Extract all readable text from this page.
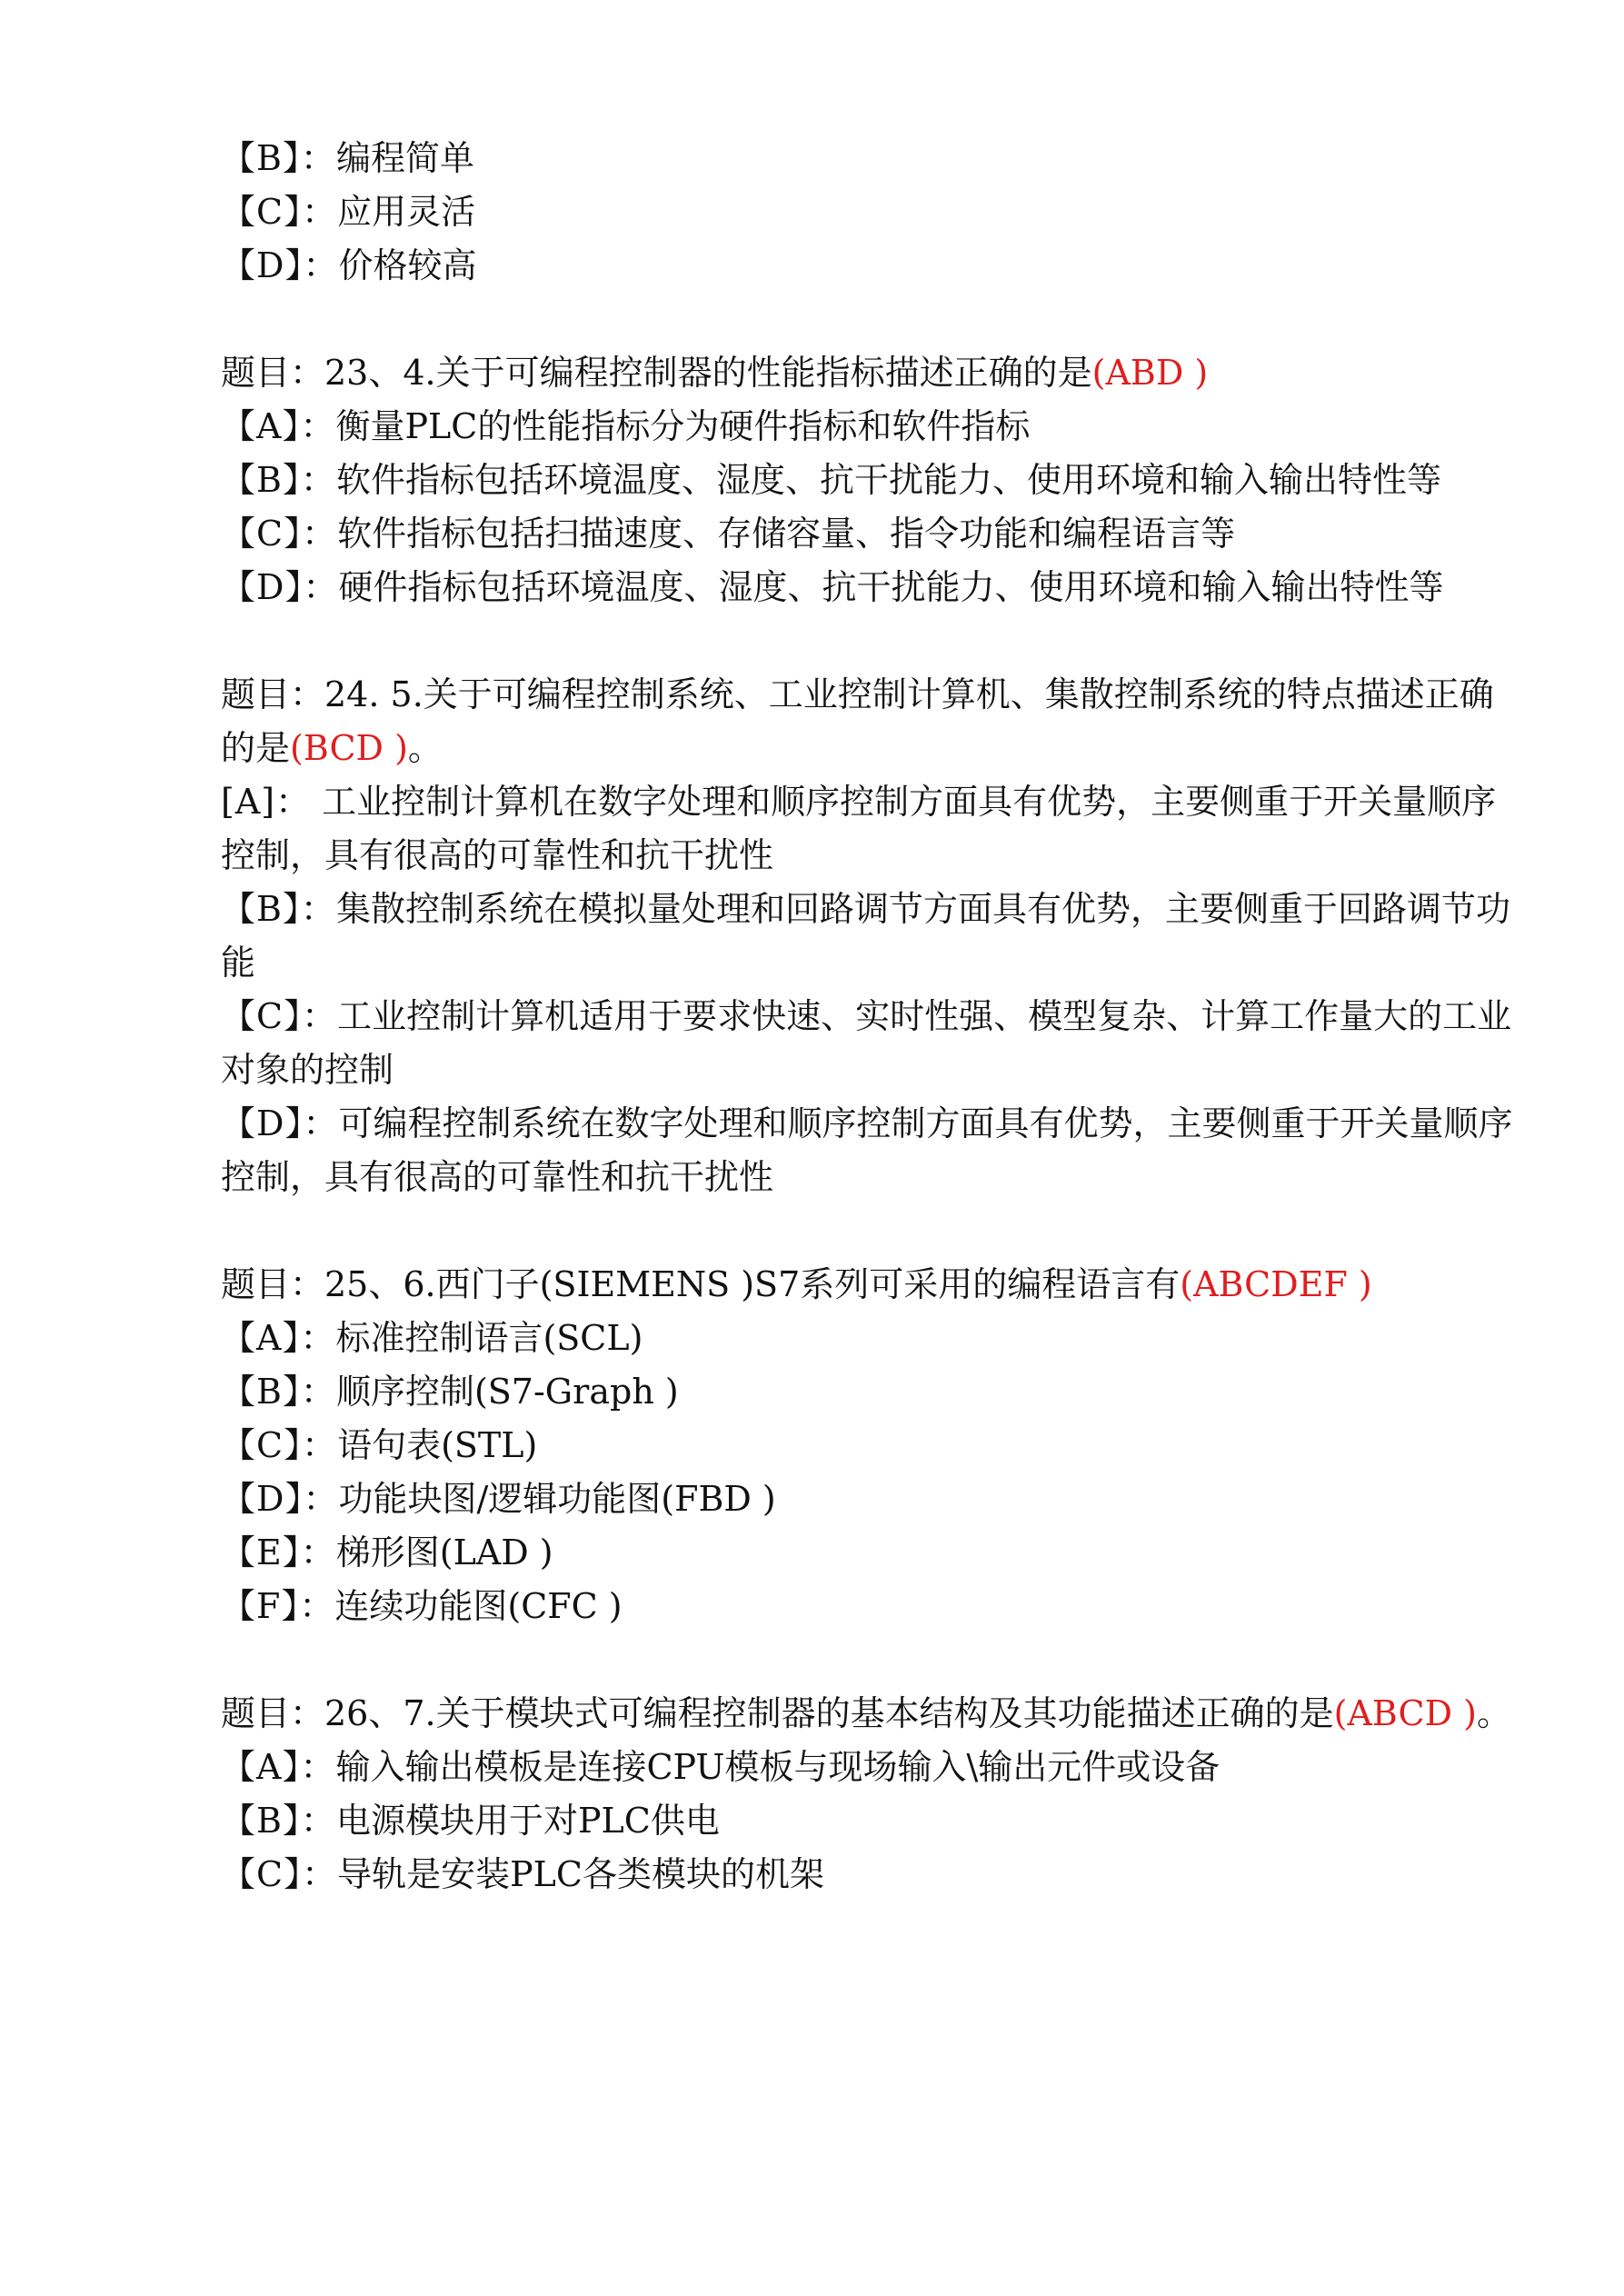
【B】：编程简单
【C】：应用灵活
【D】：价格较高
题目：23、4.关于可编程控制器的性能指标描述正确的是(ABD )
【A】：衡量PLC的性能指标分为硬件指标和软件指标
【B】：软件指标包括环境温度、湿度、抗干扰能力、使用环境和输入输出特性等
【C】：软件指标包括扫描速度、存储容量、指令功能和编程语言等
【D】：硬件指标包括环境温度、湿度、抗干扰能力、使用环境和输入输出特性等
题目：24. 5.关于可编程控制系统、工业控制计算机、集散控制系统的特点描述正确的是(BCD )。
[A]： 工业控制计算机在数字处理和顺序控制方面具有优势，主要侧重于开关量顺序控制，具有很高的可靠性和抗干扰性
【B】：集散控制系统在模拟量处理和回路调节方面具有优势，主要侧重于回路调节功能
【C】：工业控制计算机适用于要求快速、实时性强、模型复杂、计算工作量大的工业对象的控制
【D】：可编程控制系统在数字处理和顺序控制方面具有优势，主要侧重于开关量顺序控制，具有很高的可靠性和抗干扰性
题目：25、6.西门子(SIEMENS )S7系列可采用的编程语言有(ABCDEF )
【A】：标准控制语言(SCL)
【B】：顺序控制(S7-Graph )
【C】：语句表(STL)
【D】：功能块图/逻辑功能图(FBD )
【E】：梯形图(LAD )
【F】：连续功能图(CFC )
题目：26、7.关于模块式可编程控制器的基本结构及其功能描述正确的是(ABCD )。
【A】：输入输出模板是连接CPU模板与现场输入\输出元件或设备
【B】：电源模块用于对PLC供电
【C】：导轨是安装PLC各类模块的机架
